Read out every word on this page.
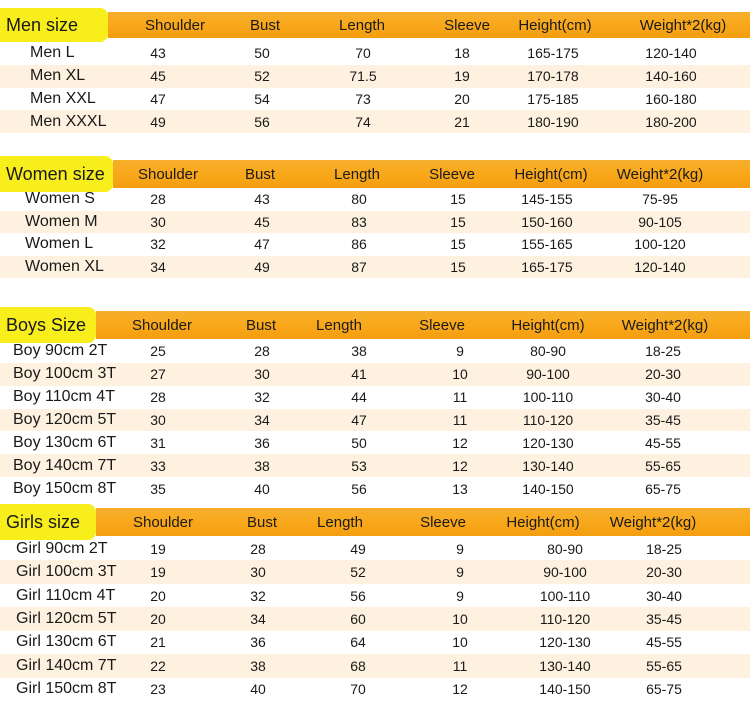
Men size	Shoulder	Bust	Length	Sleeve	Height(cm)	Weight*2(kg)
Men L	43	50	70	18	165-175	120-140
Men XL	45	52	71.5	19	170-178	140-160
Men XXL	47	54	73	20	175-185	160-180
Men XXXL	49	56	74	21	180-190	180-200
Women size	Shoulder	Bust	Length	Sleeve	Height(cm)	Weight*2(kg)
Women S	28	43	80	15	145-155	75-95
Women M	30	45	83	15	150-160	90-105
Women L	32	47	86	15	155-165	100-120
Women XL	34	49	87	15	165-175	120-140
Boys Size	Shoulder	Bust	Length	Sleeve	Height(cm)	Weight*2(kg)
Boy 90cm 2T	25	28	38	9	80-90	18-25
Boy 100cm 3T	27	30	41	10	90-100	20-30
Boy 110cm 4T	28	32	44	11	100-110	30-40
Boy 120cm 5T	30	34	47	11	110-120	35-45
Boy 130cm 6T	31	36	50	12	120-130	45-55
Boy 140cm 7T	33	38	53	12	130-140	55-65
Boy 150cm 8T	35	40	56	13	140-150	65-75
Girls size	Shoulder	Bust	Length	Sleeve	Height(cm)	Weight*2(kg)
Girl 90cm 2T	19	28	49	9	80-90	18-25
Girl 100cm 3T	19	30	52	9	90-100	20-30
Girl 110cm 4T	20	32	56	9	100-110	30-40
Girl 120cm 5T	20	34	60	10	110-120	35-45
Girl 130cm 6T	21	36	64	10	120-130	45-55
Girl 140cm 7T	22	38	68	11	130-140	55-65
Girl 150cm 8T	23	40	70	12	140-150	65-75
